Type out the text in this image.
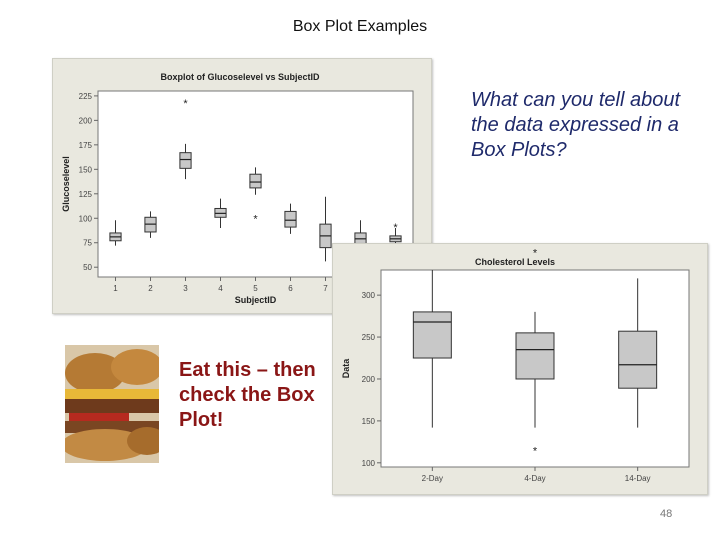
Box Plot Examples
Boxplot of Glucoselevel vs SubjectID
50
75
100
125
150
175
200
225
1	2	3	4	5	6	7
SubjectID
Glucoselevel
*
*
*
What can you tell about the data expressed in a Box Plots?
Cholesterol Levels
100
150
200
250
300
2-Day	4-Day	14-Day
Data
*
*
Eat this – then check the Box Plot!
48
